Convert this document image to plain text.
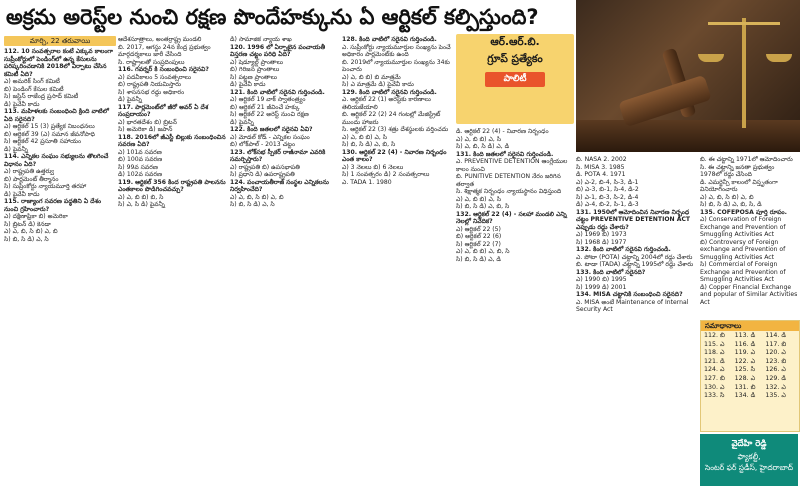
అక్రమ అరెస్ట్‌ల నుంచి రక్షణ పొందేహక్కును ఏ ఆర్టికల్ కల్పిస్తుంది?
మార్చి, 22 తరువాయి

112. 10 సంవత్సరాల కంటే ఎక్కువ కాలంగా సుప్రీంకోర్టులో పెండింగ్‌లో ఉన్న కేసులను పరిష్కరించడానికి 2018లో ఏర్పాటు చేసిన కమిటీ ఏది?

ఎ) అమరిక్ సింగ్ కమిటీ

బి) పెండింగ్ కేసుల కమిటీ

సి) జస్టిస్ రాజేంద్ర ప్రసాద్ కమిటీ

డి) పైవేవీ కాదు

113. మహిళలకు సంబంధించి క్రింది వాటిలో ఏది సరైనది?

ఎ) ఆర్టికల్ 15 (3) ప్రత్యేక నిబంధనలు

బి) ఆర్టికల్ 39 (ఎ) సమాన జీవనోపాధి

సి) ఆర్టికల్ 42 ప్రసూతి సహాయం

డి) పైవన్నీ

114. ఎన్నికల సంఘం సభ్యులను తొలగించే విధానం ఏది?

ఎ) రాష్ట్రపతి ఉత్తర్వు

బి) పార్లమెంట్ తీర్మానం

సి) సుప్రీంకోర్టు న్యాయమూర్తి తరహా

డి) పైవేవీ కాదు

115. రాజ్యాంగ సవరణ పద్ధతిని ఏ దేశం నుంచి గ్రహించారు?

ఎ) దక్షిణాఫ్రికా బి) అమెరికా

సి) బ్రిటన్ డి) కెనడా

ఎ) ఎ, బి, సి బి) ఎ, బి

సి) బి, సి డి) ఎ, సి

ఆదేశసూత్రాలు, అంతర్రాష్ట్ర మండలి

బి. 2017, ఆగస్టు 24న కేంద్ర ప్రభుత్వం మార్గదర్శకాలు జారీ చేసింది

సి. రాష్ట్రాలతో సంప్రదింపులు

116. గవర్నర్ కి సంబంధించి సరైనవి?

ఎ) పదవీకాలం 5 సంవత్సరాలు

బి) రాష్ట్రపతి నియమిస్తారు

సి) శాసనసభ రద్దు అధికారం

డి) పైవన్నీ

117. పార్లమెంట్‌లో జీరో అవర్ ఏ దేశ సంప్రదాయం?

ఎ) భారతదేశం బి) బ్రిటన్

సి) అమెరికా డి) జపాన్

118. 2016లో జీఎస్టీ బిల్లుకు సంబంధించిన సవరణ ఏది?

ఎ) 101వ సవరణ

బి) 100వ సవరణ

సి) 99వ సవరణ

డి) 102వ సవరణ

119. ఆర్టికల్ 356 కింద రాష్ట్రపతి పాలనను ఎంతకాలం పొడిగించవచ్చు?

ఎ) ఎ, బి బి) బి, సి

సి) ఎ, సి డి) పైవన్నీ

డి) సామాజిక న్యాయ శాఖ

120. 1996 లో ఏర్పాటైన పంచాయతీ విస్తరణ చట్టం పరిధి ఏది?

ఎ) షెడ్యూల్డ్ ప్రాంతాలు

బి) గిరిజన ప్రాంతాలు

సి) పట్టణ ప్రాంతాలు

డి) పైవేవీ కాదు

121. కింది వాటిలో సరైనవి గుర్తించండి.

ఎ) ఆర్టికల్ 19 వాక్ స్వాతంత్ర్యం

బి) ఆర్టికల్ 21 జీవించే హక్కు

సి) ఆర్టికల్ 22 అరెస్ట్ నుంచి రక్షణ

డి) పైవన్నీ

122. కింది జతలలో సరైనవి ఏవి?

ఎ) మోడల్ కోడ్ - ఎన్నికల సంఘం

బి) లోక్‌పాల్ - 2013 చట్టం

123. లోక్‌సభ స్పీకర్ రాజీనామా ఎవరికి సమర్పిస్తారు?

ఎ) రాష్ట్రపతి బి) ఉపసభాపతి

సి) ప్రధాని డి) ఉపరాష్ట్రపతి

124. పంచాయతీరాజ్ సంస్థల ఎన్నికలను నిర్వహించేది?

ఎ) ఎ, బి, సి బి) ఎ, బి

సి) బి, సి డి) ఎ, సి

128. కింది వాటిలో సరైనవి గుర్తించండి.

ఎ. సుప్రీంకోర్టు న్యాయమూర్తుల సంఖ్యను పెంచే అధికారం పార్లమెంట్‌కు ఉంది

బి. 2019లో న్యాయమూర్తుల సంఖ్యను 34కు పెంచారు

ఎ) ఎ, బి బి) బి మాత్రమే

సి) ఎ మాత్రమే డి) పైవేవీ కాదు

129. కింది వాటిలో సరైనవి గుర్తించండి.

ఎ. ఆర్టికల్ 22 (1) అరెస్ట్‌కు కారణాలు తెలియజేయాలి

బి. ఆర్టికల్ 22 (2) 24 గంటల్లో మేజిస్ట్రేట్ ముందు హాజరు

సి. ఆర్టికల్ 22 (3) శత్రు దేశస్థులకు వర్తించదు

ఎ) ఎ, బి బి) ఎ, సి

సి) బి, సి డి) ఎ, బి, సి

130. ఆర్టికల్ 22 (4) - నివారణ నిర్బంధం ఎంత కాలం?

ఎ) 3 నెలలు బి) 6 నెలలు

సి) 1 సంవత్సరం డి) 2 సంవత్సరాలు

ఎ. TADA 1. 1980

ఆర్.ఆర్.బి.
గ్రూప్ ప్రత్యేకం
పాలిటీ

డి. ఆర్టికల్ 22 (4) - నివారణ నిర్బంధం

ఎ) ఎ, బి బి) ఎ, సి

సి) ఎ, బి, సి డి) ఎ, డి

131. కింది జతలలో సరైనవి గుర్తించండి.

ఎ. PREVENTIVE DETENTION ఆంగ్లేయుల కాలం నుంచి

బి. PUNITIVE DETENTION నేరం జరిగిన తర్వాత

సి. శిక్షాత్మక నిర్బంధం న్యాయస్థానం విధిస్తుంది

ఎ) ఎ, బి బి) ఎ, సి

సి) బి, సి డి) ఎ, బి, సి

132. ఆర్టికల్ 22 (4) - సలహా మండలి ఎన్ని నెలల్లో నివేదిక?

ఎ) ఆర్టికల్ 22 (5)

బి) ఆర్టికల్ 22 (6)

సి) ఆర్టికల్ 22 (7)

ఎ) ఎ, బి బి) ఎ, బి, సి

సి) బి, సి డి) ఎ, డి

బి. NASA 2. 2002

సి. MISA 3. 1985

డి. POTA 4. 1971

ఎ) ఎ-2, బి-4, సి-3, డి-1

బి) ఎ-3, బి-1, సి-4, డి-2

సి) ఎ-1, బి-3, సి-2, డి-4

డి) ఎ-4, బి-2, సి-1, డి-3

131. 1950లో ఆమోదించిన నివారణ నిర్బంధ చట్టం PREVENTIVE DETENTION ACT ఎప్పుడు రద్దు చేశారు?

ఎ) 1969 బి) 1973

సి) 1968 డి) 1977

132. కింది వాటిలో సరైనవి గుర్తించండి.

ఎ. పోటా (POTA) చట్టాన్ని 2004లో రద్దు చేశారు

బి. టాడా (TADA) చట్టాన్ని 1995లో రద్దు చేశారు

133. కింది వాటిలో సరైనది?

ఎ) 1990 బి) 1995

సి) 1999 డి) 2001

134. MISA చట్టానికి సంబంధించి సరైనది?

ఎ. MISA అంటే Maintenance of Internal Security Act

బి. ఈ చట్టాన్ని 1971లో ఆమోదించారు

సి. ఈ చట్టాన్ని జనతా ప్రభుత్వం 1978లో రద్దు చేసింది

డి. ఎమర్జెన్సీ కాలంలో విస్తృతంగా వినియోగించారు

ఎ) ఎ, బి, సి బి) ఎ, బి

సి) బి, సి డి) ఎ, బి, సి, డి

135. COFEPOSA పూర్తి రూపం.

ఎ) Conservation of Foreign Exchange and Prevention of Smuggling Activities Act

బి) Controversy of Foreign exchange and Prevention of Smuggling Activities Act

సి) Commercial of Foreign Exchange and Prevention of Smuggling Activities Act

డి) Copper Financial Exchange and popular of Similar Activities Act

సమాధానాలు
112. బి	113. డి	114. డి
115. ఎ	116. డి	117. బి
118. ఎ	119. ఎ	120. ఎ
121. డి	122. ఎ	123. బి
124. ఎ	125. సి	126. ఎ
127. బి	128. ఎ	129. డి
130. ఎ	131. బి	132. ఎ
133. సి	134. డి	135. ఎ
వైదేహి రెడ్డి
ఫ్యాకల్టీ,
సెంటర్ ఫర్ స్టడీస్, హైదరాబాద్
